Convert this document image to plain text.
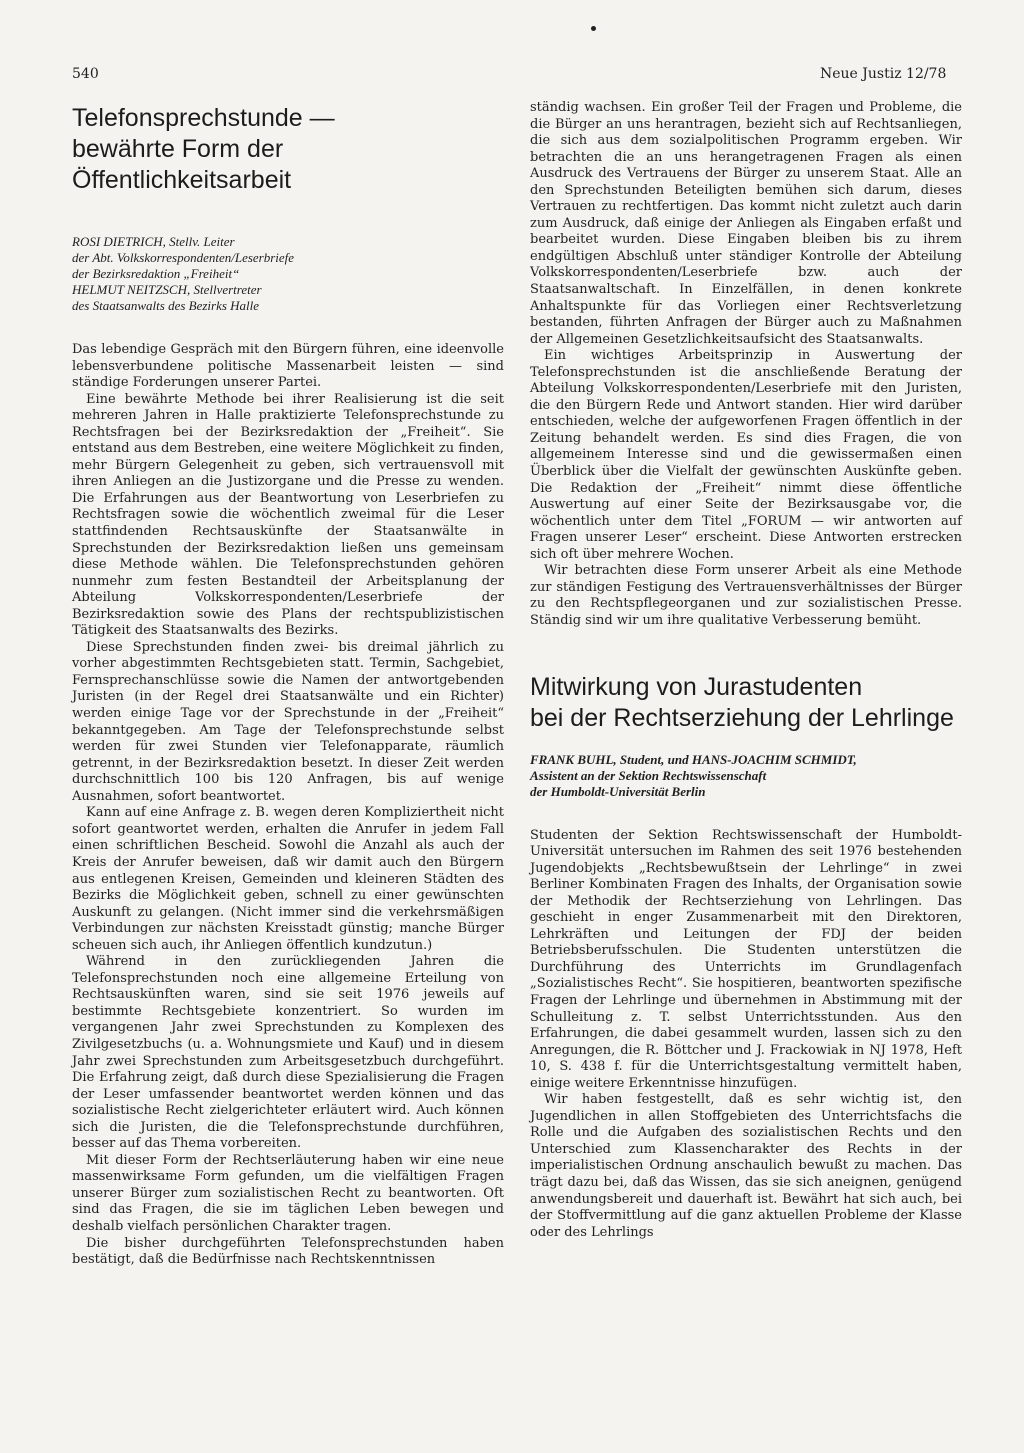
540	Neue Justiz 12/78
Telefonsprechstunde —
bewährte Form der Öffentlichkeitsarbeit
ROSI DIETRICH, Stellv. Leiter
der Abt. Volkskorrespondenten/Leserbriefe
der Bezirksredaktion „Freiheit“
HELMUT NEITZSCH, Stellvertreter
des Staatsanwalts des Bezirks Halle

Das lebendige Gespräch mit den Bürgern führen, eine ideenvolle lebensverbundene politische Massenarbeit leisten — sind ständige Forderungen unserer Partei.

Eine bewährte Methode bei ihrer Realisierung ist die seit mehreren Jahren in Halle praktizierte Telefonsprechstunde zu Rechtsfragen bei der Bezirksredaktion der „Freiheit“. Sie entstand aus dem Bestreben, eine weitere Möglichkeit zu finden, mehr Bürgern Gelegenheit zu geben, sich vertrauensvoll mit ihren Anliegen an die Justizorgane und die Presse zu wenden. Die Erfahrungen aus der Beantwortung von Leserbriefen zu Rechtsfragen sowie die wöchentlich zweimal für die Leser stattfindenden Rechtsauskünfte der Staatsanwälte in Sprechstunden der Bezirksredaktion ließen uns gemeinsam diese Methode wählen. Die Telefonsprechstunden gehören nunmehr zum festen Bestandteil der Arbeitsplanung der Abteilung Volkskorrespondenten/Leserbriefe der Bezirksredaktion sowie des Plans der rechtspublizistischen Tätigkeit des Staatsanwalts des Bezirks.

Diese Sprechstunden finden zwei- bis dreimal jährlich zu vorher abgestimmten Rechtsgebieten statt. Termin, Sachgebiet, Fernsprechanschlüsse sowie die Namen der antwortgebenden Juristen (in der Regel drei Staatsanwälte und ein Richter) werden einige Tage vor der Sprechstunde in der „Freiheit“ bekanntgegeben. Am Tage der Telefonsprechstunde selbst werden für zwei Stunden vier Telefonapparate, räumlich getrennt, in der Bezirksredaktion besetzt. In dieser Zeit werden durchschnittlich 100 bis 120 Anfragen, bis auf wenige Ausnahmen, sofort beantwortet.

Kann auf eine Anfrage z. B. wegen deren Kompliziertheit nicht sofort geantwortet werden, erhalten die Anrufer in jedem Fall einen schriftlichen Bescheid. Sowohl die Anzahl als auch der Kreis der Anrufer beweisen, daß wir damit auch den Bürgern aus entlegenen Kreisen, Gemeinden und kleineren Städten des Bezirks die Möglichkeit geben, schnell zu einer gewünschten Auskunft zu gelangen. (Nicht immer sind die verkehrsmäßigen Verbindungen zur nächsten Kreisstadt günstig; manche Bürger scheuen sich auch, ihr Anliegen öffentlich kundzutun.)

Während in den zurückliegenden Jahren die Telefonsprechstunden noch eine allgemeine Erteilung von Rechtsauskünften waren, sind sie seit 1976 jeweils auf bestimmte Rechtsgebiete konzentriert. So wurden im vergangenen Jahr zwei Sprechstunden zu Komplexen des Zivilgesetzbuchs (u. a. Wohnungsmiete und Kauf) und in diesem Jahr zwei Sprechstunden zum Arbeitsgesetzbuch durchgeführt. Die Erfahrung zeigt, daß durch diese Spezialisierung die Fragen der Leser umfassender beantwortet werden können und das sozialistische Recht zielgerichteter erläutert wird. Auch können sich die Juristen, die die Telefonsprechstunde durchführen, besser auf das Thema vorbereiten.

Mit dieser Form der Rechtserläuterung haben wir eine neue massenwirksame Form gefunden, um die vielfältigen Fragen unserer Bürger zum sozialistischen Recht zu beantworten. Oft sind das Fragen, die sie im täglichen Leben bewegen und deshalb vielfach persönlichen Charakter tragen.

Die bisher durchgeführten Telefonsprechstunden haben bestätigt, daß die Bedürfnisse nach Rechtskenntnissen

ständig wachsen. Ein großer Teil der Fragen und Probleme, die die Bürger an uns herantragen, bezieht sich auf Rechtsanliegen, die sich aus dem sozialpolitischen Programm ergeben. Wir betrachten die an uns herangetragenen Fragen als einen Ausdruck des Vertrauens der Bürger zu unserem Staat. Alle an den Sprechstunden Beteiligten bemühen sich darum, dieses Vertrauen zu rechtfertigen. Das kommt nicht zuletzt auch darin zum Ausdruck, daß einige der Anliegen als Eingaben erfaßt und bearbeitet wurden. Diese Eingaben bleiben bis zu ihrem endgültigen Abschluß unter ständiger Kontrolle der Abteilung Volkskorrespondenten/Leserbriefe bzw. auch der Staatsanwaltschaft. In Einzelfällen, in denen konkrete Anhaltspunkte für das Vorliegen einer Rechtsverletzung bestanden, führten Anfragen der Bürger auch zu Maßnahmen der Allgemeinen Gesetzlichkeitsaufsicht des Staatsanwalts.

Ein wichtiges Arbeitsprinzip in Auswertung der Telefonsprechstunden ist die anschließende Beratung der Abteilung Volkskorrespondenten/Leserbriefe mit den Juristen, die den Bürgern Rede und Antwort standen. Hier wird darüber entschieden, welche der aufgeworfenen Fragen öffentlich in der Zeitung behandelt werden. Es sind dies Fragen, die von allgemeinem Interesse sind und die gewissermaßen einen Überblick über die Vielfalt der gewünschten Auskünfte geben. Die Redaktion der „Freiheit“ nimmt diese öffentliche Auswertung auf einer Seite der Bezirksausgabe vor, die wöchentlich unter dem Titel „FORUM — wir antworten auf Fragen unserer Leser“ erscheint. Diese Antworten erstrecken sich oft über mehrere Wochen.

Wir betrachten diese Form unserer Arbeit als eine Methode zur ständigen Festigung des Vertrauensverhältnisses der Bürger zu den Rechtspflegeorganen und zur sozialistischen Presse. Ständig sind wir um ihre qualitative Verbesserung bemüht.

Mitwirkung von Jurastudenten
bei der Rechtserziehung der Lehrlinge
FRANK BUHL, Student, und HANS-JOACHIM SCHMIDT,
Assistent an der Sektion Rechtswissenschaft
der Humboldt-Universität Berlin

Studenten der Sektion Rechtswissenschaft der Humboldt-Universität untersuchen im Rahmen des seit 1976 bestehenden Jugendobjekts „Rechtsbewußtsein der Lehrlinge“ in zwei Berliner Kombinaten Fragen des Inhalts, der Organisation sowie der Methodik der Rechtserziehung von Lehrlingen. Das geschieht in enger Zusammenarbeit mit den Direktoren, Lehrkräften und Leitungen der FDJ der beiden Betriebsberufsschulen. Die Studenten unterstützen die Durchführung des Unterrichts im Grundlagenfach „Sozialistisches Recht“. Sie hospitieren, beantworten spezifische Fragen der Lehrlinge und übernehmen in Abstimmung mit der Schulleitung z. T. selbst Unterrichtsstunden. Aus den Erfahrungen, die dabei gesammelt wurden, lassen sich zu den Anregungen, die R. Böttcher und J. Frackowiak in NJ 1978, Heft 10, S. 438 f. für die Unterrichtsgestaltung vermittelt haben, einige weitere Erkenntnisse hinzufügen.

Wir haben festgestellt, daß es sehr wichtig ist, den Jugendlichen in allen Stoffgebieten des Unterrichtsfachs die Rolle und die Aufgaben des sozialistischen Rechts und den Unterschied zum Klassencharakter des Rechts in der imperialistischen Ordnung anschaulich bewußt zu machen. Das trägt dazu bei, daß das Wissen, das sie sich aneignen, genügend anwendungsbereit und dauerhaft ist. Bewährt hat sich auch, bei der Stoffvermittlung auf die ganz aktuellen Probleme der Klasse oder des Lehrlings
